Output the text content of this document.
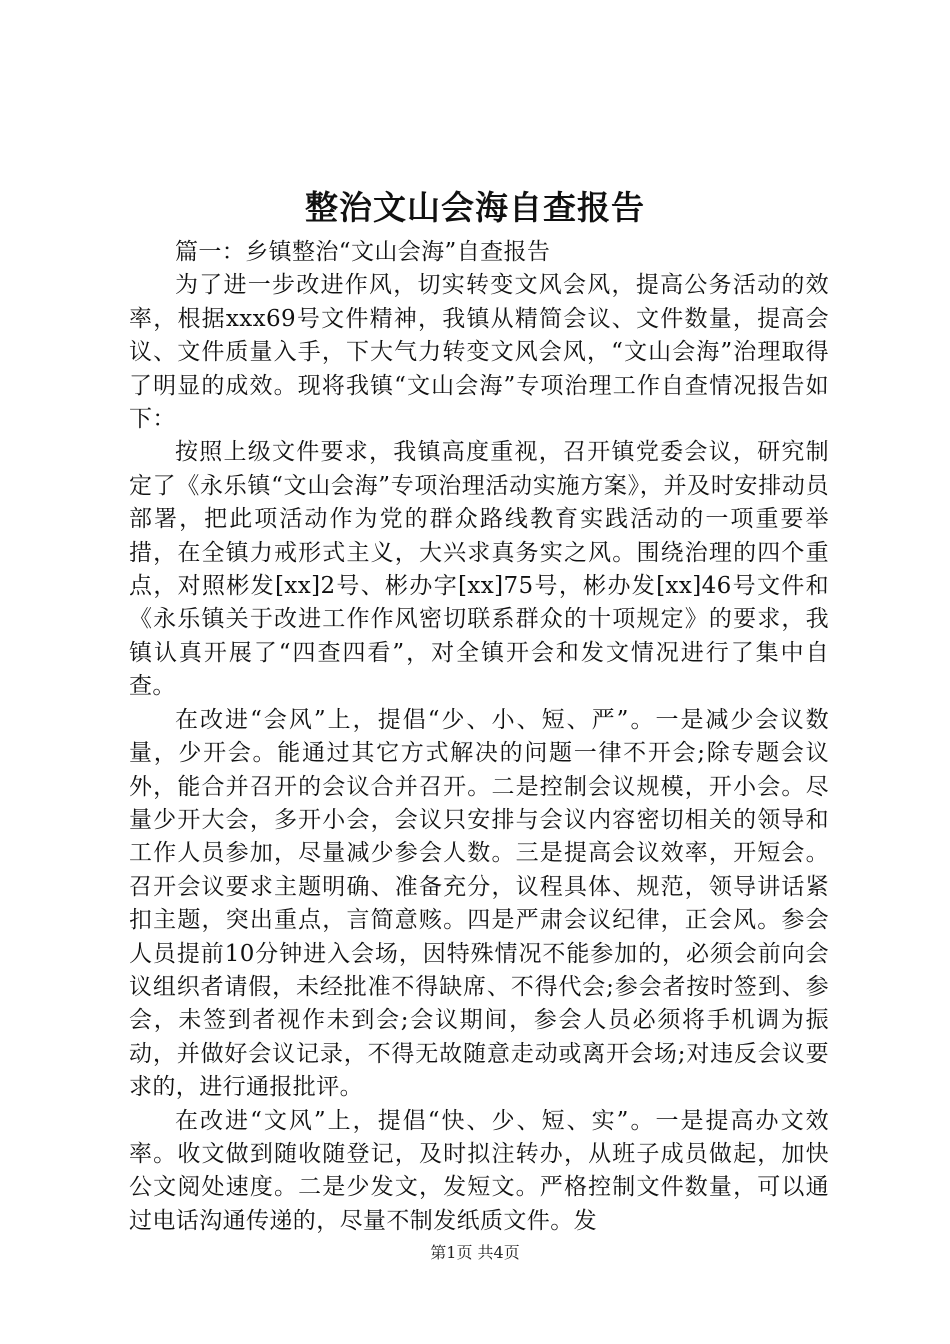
整治文山会海自查报告

篇一：乡镇整治“文山会海”自查报告

为了进一步改进作风，切实转变文风会风，提高公务活动的效率，根据xxx69号文件精神，我镇从精简会议、文件数量，提高会议、文件质量入手，下大气力转变文风会风，“文山会海”治理取得了明显的成效。现将我镇“文山会海”专项治理工作自查情况报告如下：

按照上级文件要求，我镇高度重视，召开镇党委会议，研究制定了《永乐镇“文山会海”专项治理活动实施方案》，并及时安排动员部署，把此项活动作为党的群众路线教育实践活动的一项重要举措，在全镇力戒形式主义，大兴求真务实之风。围绕治理的四个重点，对照彬发[xx]2号、彬办字[xx]75号，彬办发[xx]46号文件和《永乐镇关于改进工作作风密切联系群众的十项规定》的要求，我镇认真开展了“四查四看”，对全镇开会和发文情况进行了集中自查。

在改进“会风”上，提倡“少、小、短、严”。一是减少会议数量，少开会。能通过其它方式解决的问题一律不开会;除专题会议外，能合并召开的会议合并召开。二是控制会议规模，开小会。尽量少开大会，多开小会，会议只安排与会议内容密切相关的领导和工作人员参加，尽量减少参会人数。三是提高会议效率，开短会。召开会议要求主题明确、准备充分，议程具体、规范，领导讲话紧扣主题，突出重点，言简意赅。四是严肃会议纪律，正会风。参会人员提前10分钟进入会场，因特殊情况不能参加的，必须会前向会议组织者请假，未经批准不得缺席、不得代会;参会者按时签到、参会，未签到者视作未到会;会议期间，参会人员必须将手机调为振动，并做好会议记录，不得无故随意走动或离开会场;对违反会议要求的，进行通报批评。

在改进“文风”上，提倡“快、少、短、实”。一是提高办文效率。收文做到随收随登记，及时拟注转办，从班子成员做起，加快公文阅处速度。二是少发文，发短文。严格控制文件数量，可以通过电话沟通传递的，尽量不制发纸质文件。发

第1页 共4页
